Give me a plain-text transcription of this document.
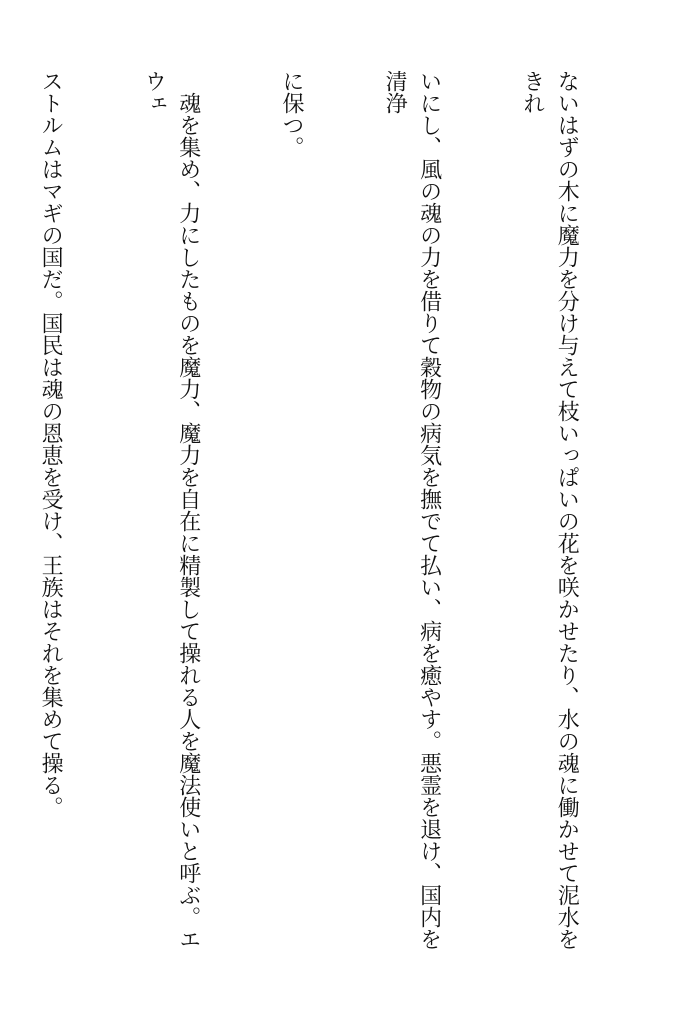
ないはずの木に魔力を分け与えて枝いっぱいの花を咲かせたり、水の魂に働かせて泥水をきれ

いにし、風の魂の力を借りて穀物の病気を撫でて払い、病を癒やす。悪霊を退け、国内を清浄

に保つ。

　魂を集め、力にしたものを魔力、魔力を自在に精製して操れる人を魔法使いと呼ぶ。エウェ

ストルムはマギの国だ。国民は魂の恩恵を受け、王族はそれを集めて操る。
